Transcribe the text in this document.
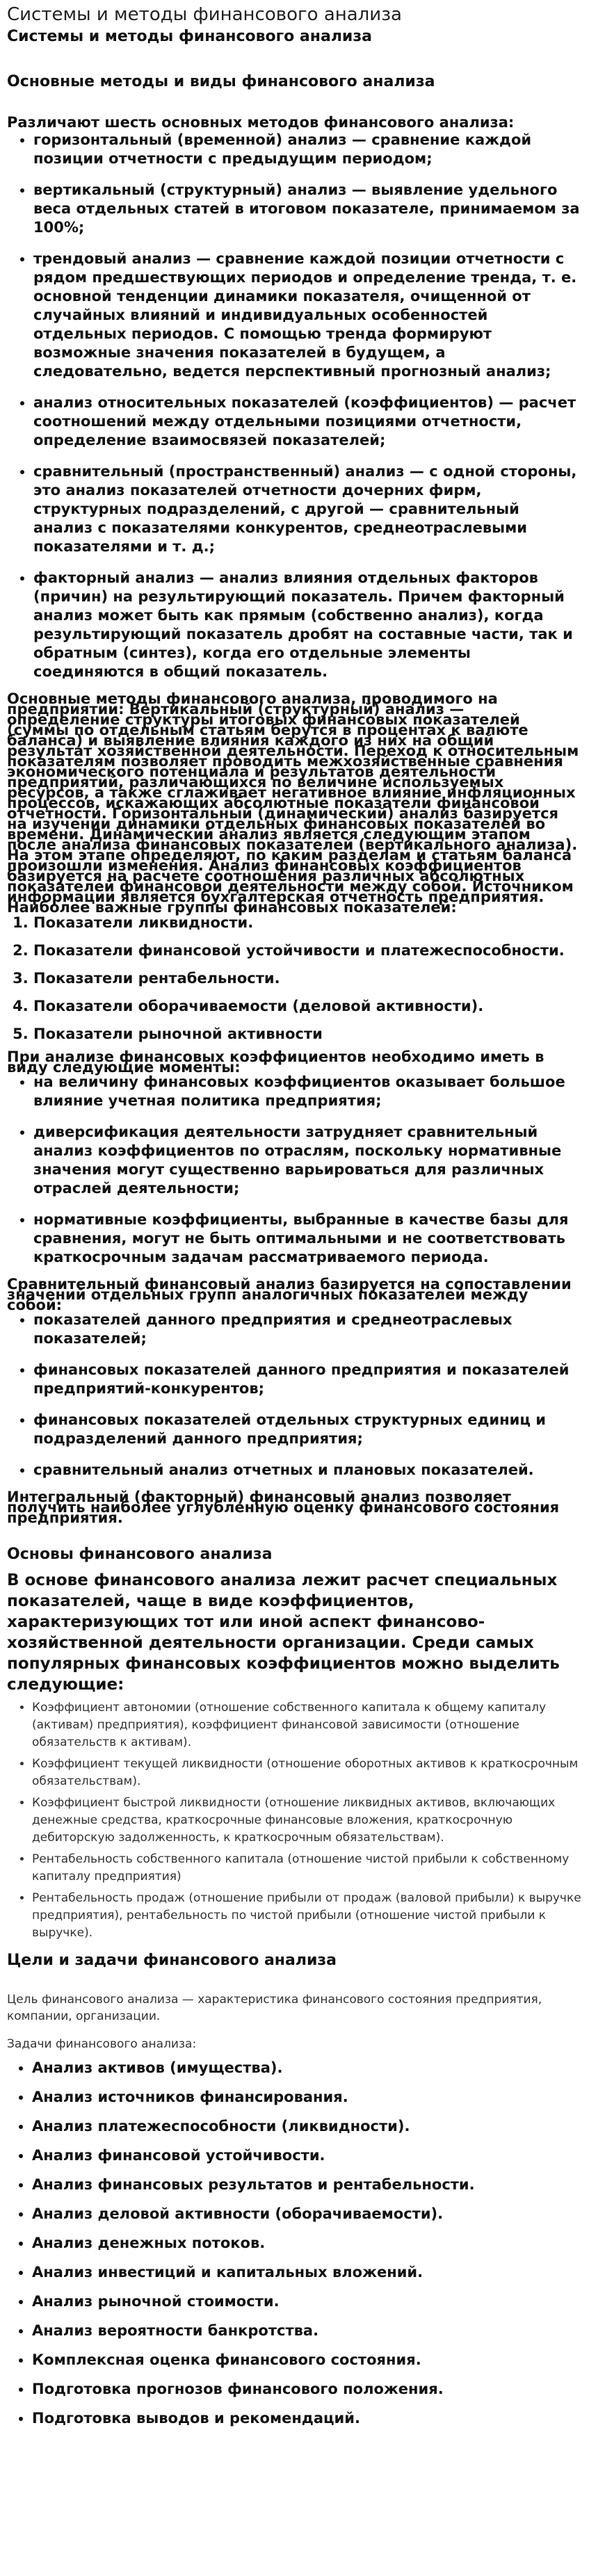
Системы и методы финансового анализа
Системы и методы финансового анализа
Основные методы и виды финансового анализа

Различают шесть основных методов финансового анализа:

• горизонтальный (временной) анализ — сравнение каждой позиции отчетности с предыдущим периодом;
• вертикальный (структурный) анализ — выявление удельного веса отдельных статей в итоговом показателе, принимаемом за 100%;
• трендовый анализ — сравнение каждой позиции отчетности с рядом предшествующих периодов и определение тренда, т. е. основной тенденции динамики показателя, очищенной от случайных влияний и индивидуальных особенностей отдельных периодов. С помощью тренда формируют возможные значения показателей в будущем, а следовательно, ведется перспективный прогнозный анализ;
• анализ относительных показателей (коэффициентов) — расчет соотношений между отдельными позициями отчетности, определение взаимосвязей показателей;
• сравнительный (пространственный) анализ — с одной стороны, это анализ показателей отчетности дочерних фирм, структурных подразделений, с другой — сравнительный анализ с показателями конкурентов, среднеотраслевыми показателями и т. д.;
• факторный анализ — анализ влияния отдельных факторов (причин) на результирующий показатель. Причем факторный анализ может быть как прямым (собственно анализ), когда результирующий показатель дробят на составные части, так и обратным (синтез), когда его отдельные элементы соединяются в общий показатель.

Основные методы финансового анализа, проводимого на предприятии: Вертикальный (структурный) анализ — определение структуры итоговых финансовых показателей (суммы по отдельным статьям берутся в процентах к валюте баланса) и выявление влияния каждого из них на общий результат хозяйственной деятельности. Переход к относительным показателям позволяет проводить межхозяйственные сравнения экономического потенциала и результатов деятельности предприятий, различающихся по величине используемых ресурсов, а также сглаживает негативное влияние инфляционных процессов, искажающих абсолютные показатели финансовой отчетности. Горизонтальный (динамический) анализ базируется на изучении динамики отдельных финансовых показателей во времени. Динамический анализ является следующим этапом после анализа финансовых показателей (вертикального анализа). На этом этапе определяют, по каким разделам и статьям баланса произошли изменения. Анализ финансовых коэффициентов базируется на расчете соотношения различных абсолютных показателей финансовой деятельности между собой. Источником информации является бухгалтерская отчетность предприятия. Наиболее важные группы финансовых показателей:

1. Показатели ликвидности.
2. Показатели финансовой устойчивости и платежеспособности.
3. Показатели рентабельности.
4. Показатели оборачиваемости (деловой активности).
5. Показатели рыночной активности

При анализе финансовых коэффициентов необходимо иметь в виду следующие моменты:

• на величину финансовых коэффициентов оказывает большое влияние учетная политика предприятия;
• диверсификация деятельности затрудняет сравнительный анализ коэффициентов по отраслям, поскольку нормативные значения могут существенно варьироваться для различных отраслей деятельности;
• нормативные коэффициенты, выбранные в качестве базы для сравнения, могут не быть оптимальными и не соответствовать краткосрочным задачам рассматриваемого периода.

Сравнительный финансовый анализ базируется на сопоставлении значений отдельных групп аналогичных показателей между собой:

• показателей данного предприятия и среднеотраслевых показателей;
• финансовых показателей данного предприятия и показателей предприятий-конкурентов;
• финансовых показателей отдельных структурных единиц и подразделений данного предприятия;
• сравнительный анализ отчетных и плановых показателей.

Интегральный (факторный) финансовый анализ позволяет получить наиболее углубленную оценку финансового состояния предприятия.

Основы финансового анализа

В основе финансового анализа лежит расчет специальных показателей, чаще в виде коэффициентов, характеризующих тот или иной аспект финансово-хозяйственной деятельности организации. Среди самых популярных финансовых коэффициентов можно выделить следующие:

• Коэффициент автономии (отношение собственного капитала к общему капиталу (активам) предприятия), коэффициент финансовой зависимости (отношение обязательств к активам).
• Коэффициент текущей ликвидности (отношение оборотных активов к краткосрочным обязательствам).
• Коэффициент быстрой ликвидности (отношение ликвидных активов, включающих денежные средства, краткосрочные финансовые вложения, краткосрочную дебиторскую задолженность, к краткосрочным обязательствам).
• Рентабельность собственного капитала (отношение чистой прибыли к собственному капиталу предприятия)
• Рентабельность продаж (отношение прибыли от продаж (валовой прибыли) к выручке предприятия), рентабельность по чистой прибыли (отношение чистой прибыли к выручке).
Цели и задачи финансового анализа

Цель финансового анализа — характеристика финансового состояния предприятия, компании, организации.

Задачи финансового анализа:

• Анализ активов (имущества).
• Анализ источников финансирования.
• Анализ платежеспособности (ликвидности).
• Анализ финансовой устойчивости.
• Анализ финансовых результатов и рентабельности.
• Анализ деловой активности (оборачиваемости).
• Анализ денежных потоков.
• Анализ инвестиций и капитальных вложений.
• Анализ рыночной стоимости.
• Анализ вероятности банкротства.
• Комплексная оценка финансового состояния.
• Подготовка прогнозов финансового положения.
• Подготовка выводов и рекомендаций.
